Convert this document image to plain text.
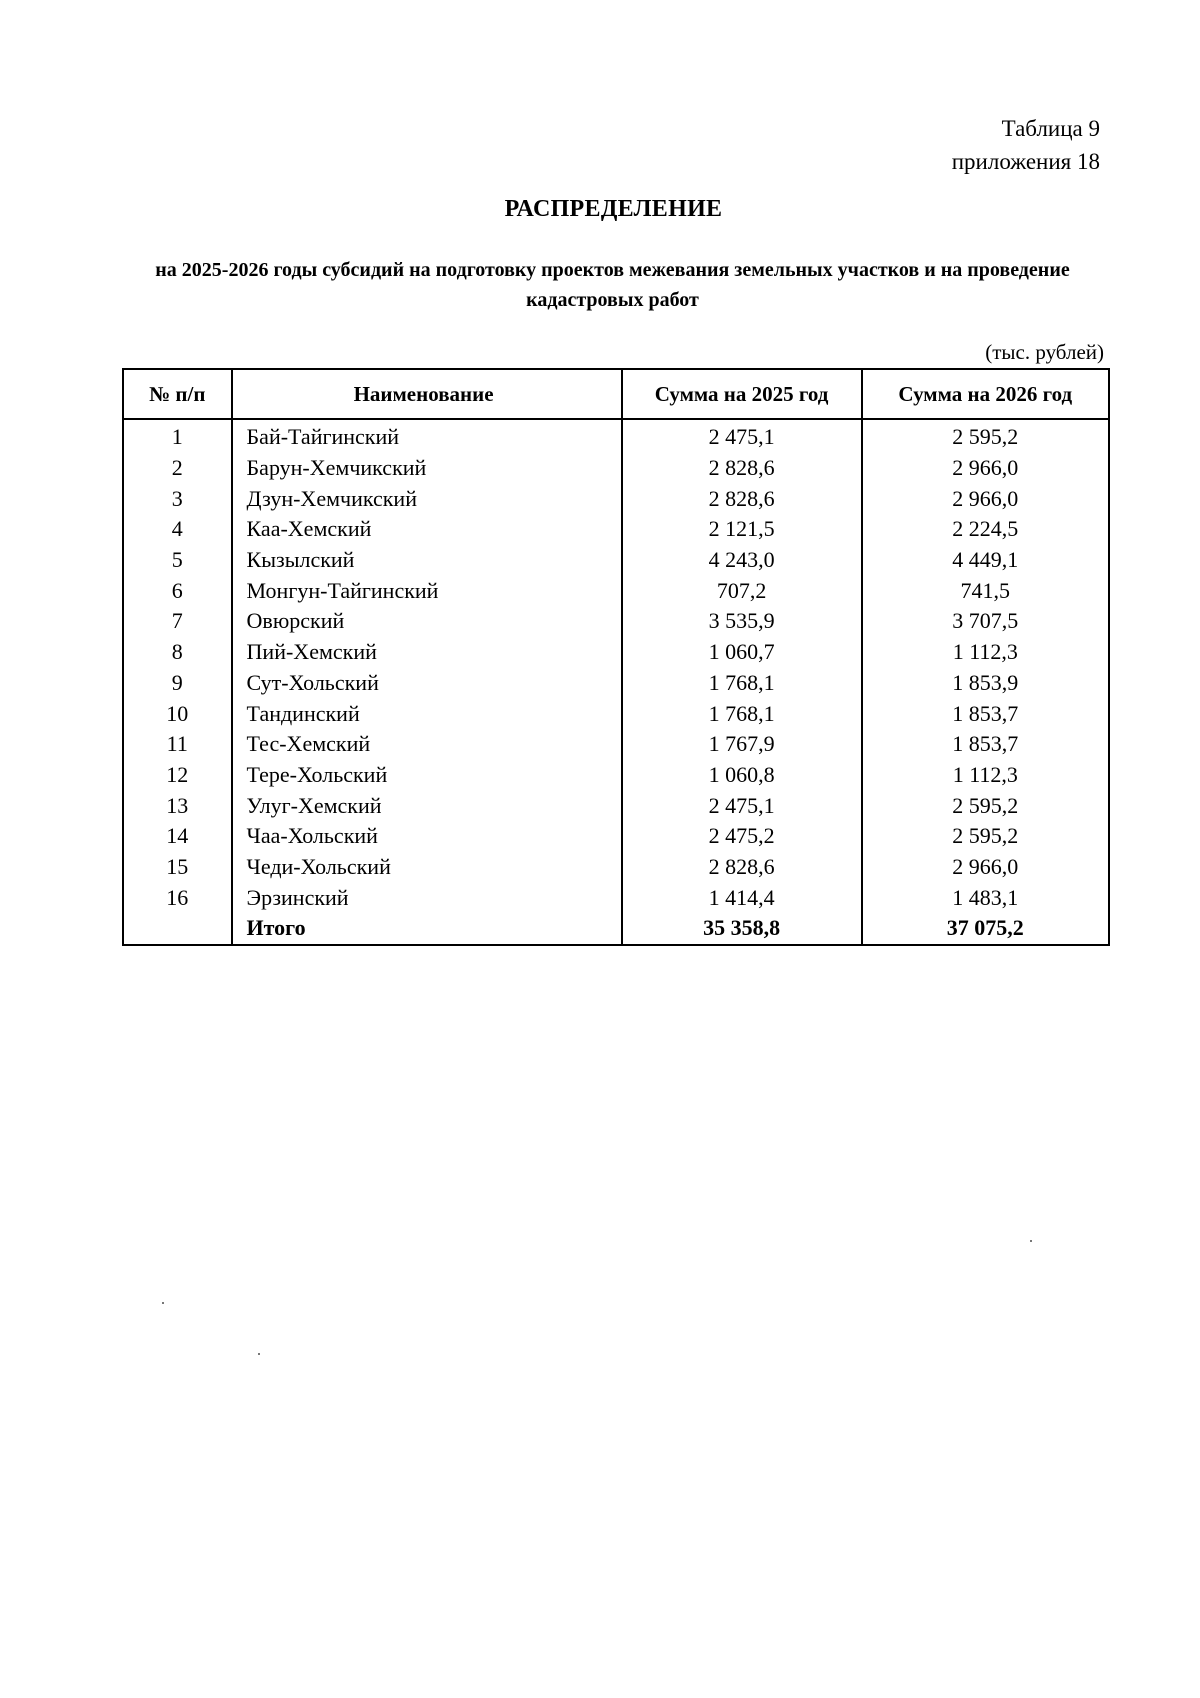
Таблица 9
приложения 18
РАСПРЕДЕЛЕНИЕ
на 2025-2026 годы субсидий на подготовку проектов межевания земельных участков и на проведение кадастровых работ
(тыс. рублей)
№ п/п	Наименование	Сумма на 2025 год	Сумма на 2026 год
1	Бай-Тайгинский	2 475,1	2 595,2
2	Барун-Хемчикский	2 828,6	2 966,0
3	Дзун-Хемчикский	2 828,6	2 966,0
4	Каа-Хемский	2 121,5	2 224,5
5	Кызылский	4 243,0	4 449,1
6	Монгун-Тайгинский	707,2	741,5
7	Овюрский	3 535,9	3 707,5
8	Пий-Хемский	1 060,7	1 112,3
9	Сут-Хольский	1 768,1	1 853,9
10	Тандинский	1 768,1	1 853,7
11	Тес-Хемский	1 767,9	1 853,7
12	Тере-Хольский	1 060,8	1 112,3
13	Улуг-Хемский	2 475,1	2 595,2
14	Чаа-Хольский	2 475,2	2 595,2
15	Чеди-Хольский	2 828,6	2 966,0
16	Эрзинский	1 414,4	1 483,1
	Итого	35 358,8	37 075,2
